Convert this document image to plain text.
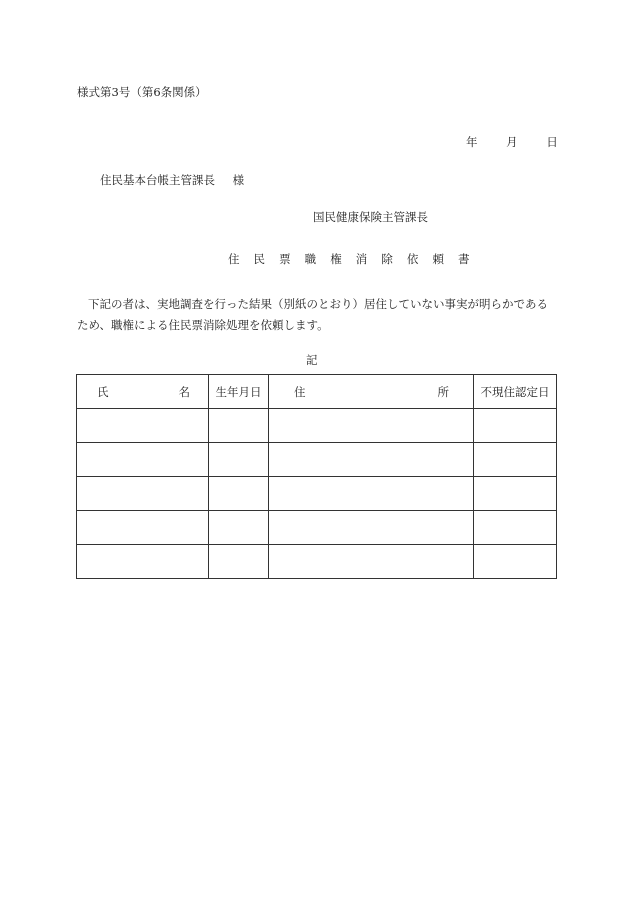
様式第3号（第6条関係）
年 月 日
住民基本台帳主管課長 様
国民健康保険主管課長
住 民 票 職 権 消 除 依 頼 書
下記の者は、実地調査を行った結果（別紙のとおり）居住していない事実が明らかである
ため、職権による住民票消除処理を依頼します。
記
氏 名	生年月日	住 所	不現住認定日
